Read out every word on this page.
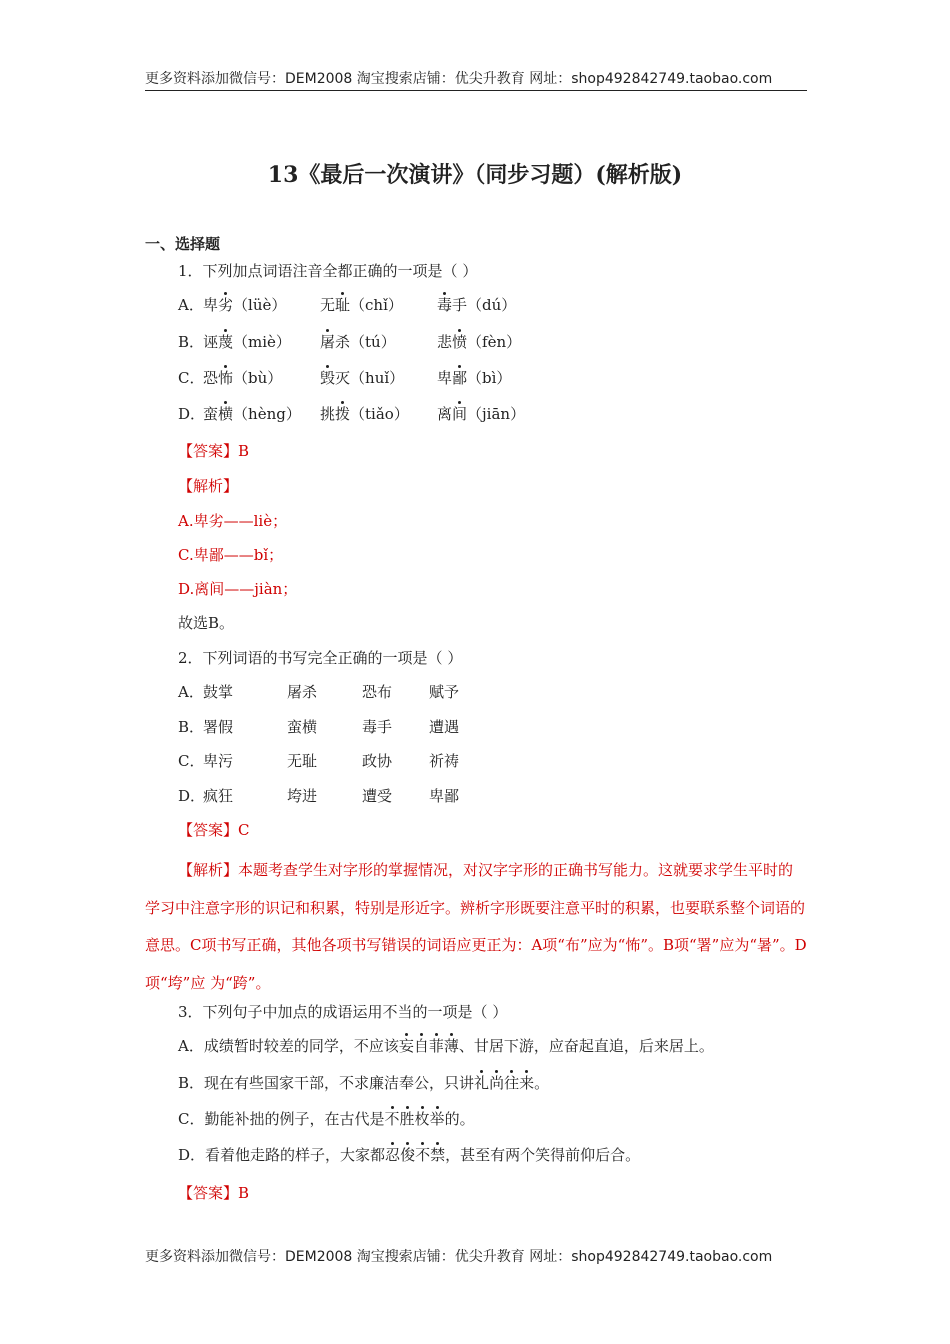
更多资料添加微信号：DEM2008 淘宝搜索店铺：优尖升教育 网址：shop492842749.taobao.com
13《最后一次演讲》（同步习题）(解析版)
一、选择题
1．下列加点词语注音全都正确的一项是（ ）
A． 卑劣（lüè） 无耻（chǐ） 毒手（dú）
B．
诬蔑（miè） 屠杀（tú）	悲愤（fèn）
C．
恐怖（bù）	毁灭（huǐ） 卑鄙（bì）
D．
蛮横（hèng） 挑拨（tiǎo） 离间（jiān）
【答案】B
【解析】
A.卑劣——liè；
C.卑鄙——bǐ；
D.离间——jiàn；
故选B。
2．下列词语的书写完全正确的一项是（ ）
A． 鼓掌	屠杀	恐布 赋予
B．
署假	蛮横	毒手 遭遇
C．
卑污	无耻	政协 祈祷
D．
疯狂	垮进	遭受 卑鄙
【答案】C
【解析】本题考查学生对字形的掌握情况，对汉字字形的正确书写能力。这就要求学生平时的学习中注意字形的识记和积累，特别是形近字。辨析字形既要注意平时的积累，也要联系整个词语的意思。C项书写正确，其他各项书写错误的词语应更正为：A项“布”应为“怖”。B项“署”应为“暑”。D项“垮”应 为“跨”。
3．下列句子中加点的成语运用不当的一项是（ ）
A．成绩暂时较差的同学，不应该妄自菲薄、甘居下游，应奋起直追，后来居上。
B．现在有些国家干部，不求廉洁奉公，只讲礼尚往来。
C．勤能补拙的例子，在古代是不胜枚举的。
D．看着他走路的样子，大家都忍俊不禁，甚至有两个笑得前仰后合。
【答案】B
更多资料添加微信号：DEM2008 淘宝搜索店铺：优尖升教育 网址：shop492842749.taobao.com
